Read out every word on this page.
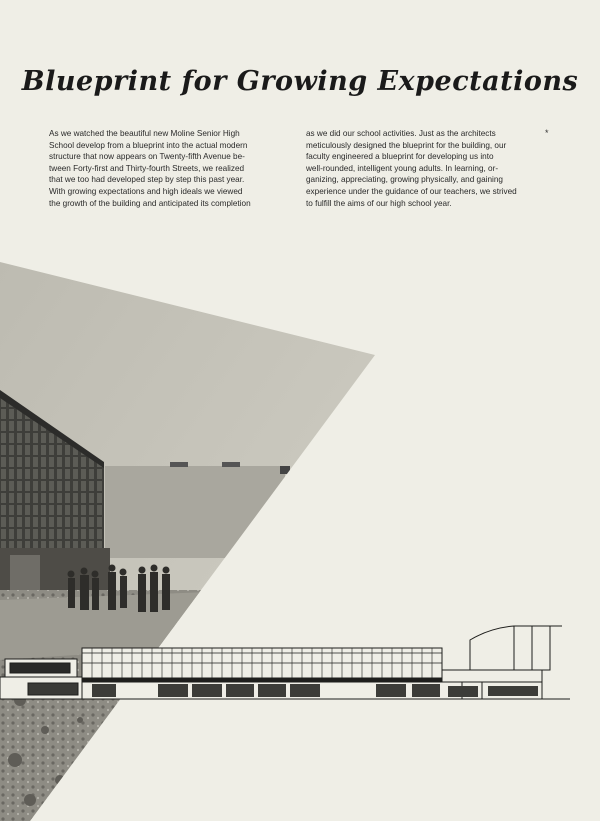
Blueprint for Growing Expectations
As we watched the beautiful new Moline Senior High
School develop from a blueprint into the actual modern
structure that now appears on Twenty-fifth Avenue be-
tween Forty-first and Thirty-fourth Streets, we realized
that we too had developed step by step this past year.
With growing expectations and high ideals we viewed
the growth of the building and anticipated its completion
as we did our school activities. Just as the architects
meticulously designed the blueprint for the building, our
faculty engineered a blueprint for developing us into
well-rounded, intelligent young adults. In learning, or-
ganizing, appreciating, growing physically, and gaining
experience under the guidance of our teachers, we strived
to fulfill the aims of our high school year.
*
